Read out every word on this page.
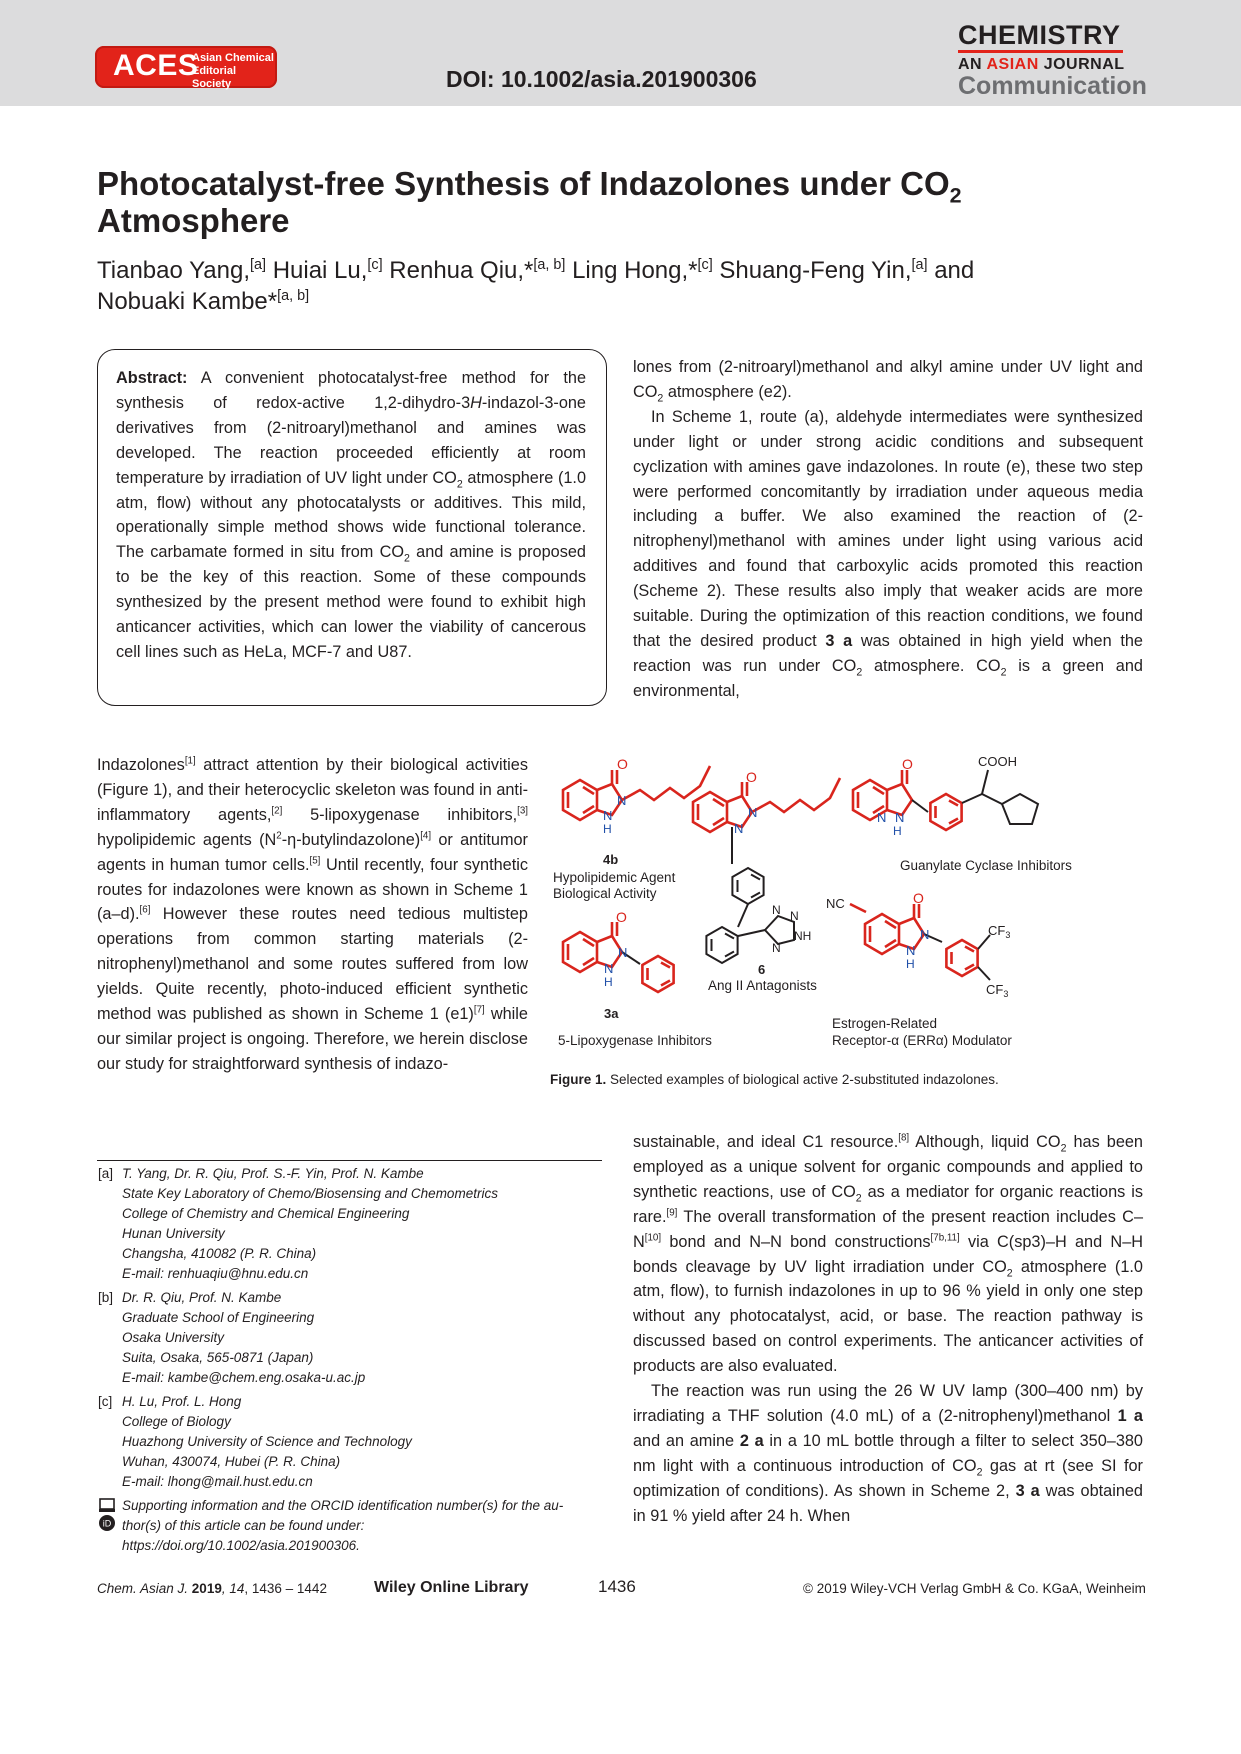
ACES
Asian Chemical
Editorial Society	DOI: 10.1002/asia.201900306
CHEMISTRY
AN ASIAN JOURNAL
Communication
Photocatalyst-free Synthesis of Indazolones under $CO_2$
Atmosphere
Tianbao Yang,[a] Huiai Lu,[c] Renhua Qiu,*[a, b] Ling Hong,*[c] Shuang-Feng Yin,[a] and
Nobuaki Kambe*[a, b]
Abstract: A convenient photocatalyst-free method for the synthesis of redox-active 1,2-dihydro-3H-indazol-3-one derivatives from (2-nitroaryl)methanol and amines was developed. The reaction proceeded efficiently at room temperature by irradiation of UV light under $CO_2$ atmosphere (1.0 atm, flow) without any photocatalysts or additives. This mild, operationally simple method shows wide functional tolerance. The carbamate formed in situ from $CO_2$ and amine is proposed to be the key of this reaction. Some of these compounds synthesized by the present method were found to exhibit high anticancer activities, which can lower the viability of cancerous cell lines such as HeLa, MCF-7 and U87.

lones from (2-nitroaryl)methanol and alkyl amine under UV light and $CO_2$ atmosphere (e2).

In Scheme 1, route (a), aldehyde intermediates were synthesized under light or under strong acidic conditions and subsequent cyclization with amines gave indazolones. In route (e), these two step were performed concomitantly by irradiation under aqueous media including a buffer. We also examined the reaction of (2-nitrophenyl)methanol with amines under light using various acid additives and found that carboxylic acids promoted this reaction (Scheme 2). These results also imply that weaker acids are more suitable. During the optimization of this reaction conditions, we found that the desired product 3 a was obtained in high yield when the reaction was run under $CO_2$ atmosphere. $CO_2$ is a green and environmental,

Indazolones[1] attract attention by their biological activities (Figure 1), and their heterocyclic skeleton was found in anti-inflammatory agents,[2] 5-lipoxygenase inhibitors,[3] hypolipidemic agents $(N^2-\eta-butylindazolone)[4]$ or antitumor agents in human tumor cells.[5] Until recently, four synthetic routes for indazolones were known as shown in Scheme 1 (a–d).[6] However these routes need tedious multistep operations from common starting materials (2-nitrophenyl)methanol and some routes suffered from low yields. Quite recently, photo-induced efficient synthetic method was published as shown in Scheme 1 (e1)[7] while our similar project is ongoing. Therefore, we herein disclose our study for straightforward synthesis of indazo-
O
N
N
H
4b
Hypolipidemic Agent
Biological Activity
O
N
N
H
3a
5-Lipoxygenase Inhibitors
O
N
N
N N
NH
N
6
Ang II Antagonists
COOH
O
N
N
H
Guanylate Cyclase Inhibitors
NC	O
N
N
H
$CF_3$
$CF_3$
Estrogen-Related
Receptor-α (ERRα) Modulator
Figure 1. Selected examples of biological active 2-substituted indazolones.
[a] T. Yang, Dr. R. Qiu, Prof. S.-F. Yin, Prof. N. Kambe
State Key Laboratory of Chemo/Biosensing and Chemometrics
College of Chemistry and Chemical Engineering
Hunan University
Changsha, 410082 (P. R. China)
E-mail: renhuaqiu@hnu.edu.cn
[b] Dr. R. Qiu, Prof. N. Kambe
Graduate School of Engineering
Osaka University
Suita, Osaka, 565-0871 (Japan)
E-mail: kambe@chem.eng.osaka-u.ac.jp
[c] H. Lu, Prof. L. Hong
College of Biology
Huazhong University of Science and Technology
Wuhan, 430074, Hubei (P. R. China)
E-mail: lhong@mail.hust.edu.cn
iD
Supporting information and the ORCID identification number(s) for the au-
thor(s) of this article can be found under:
https://doi.org/10.1002/asia.201900306.

sustainable, and ideal C1 resource.[8] Although, liquid $CO_2$ has been employed as a unique solvent for organic compounds and applied to synthetic reactions, use of $CO_2$ as a mediator for organic reactions is rare.[9] The overall transformation of the present reaction includes C–N[10] bond and N–N bond constructions[7b,11] via C(sp3)–H and N–H bonds cleavage by UV light irradiation under $CO_2$ atmosphere (1.0 atm, flow), to furnish indazolones in up to 96 % yield in only one step without any photocatalyst, acid, or base. The reaction pathway is discussed based on control experiments. The anticancer activities of products are also evaluated.

The reaction was run using the 26 W UV lamp (300–400 nm) by irradiating a THF solution (4.0 mL) of a (2-nitrophenyl)methanol 1 a and an amine 2 a in a 10 mL bottle through a filter to select 350–380 nm light with a continuous introduction of $CO_2$ gas at rt (see SI for optimization of conditions). As shown in Scheme 2, 3 a was obtained in 91 % yield after 24 h. When

Chem. Asian J. 2019, 14, 1436 – 1442	Wiley Online Library	1436	© 2019 Wiley-VCH Verlag GmbH & Co. KGaA, Weinheim
